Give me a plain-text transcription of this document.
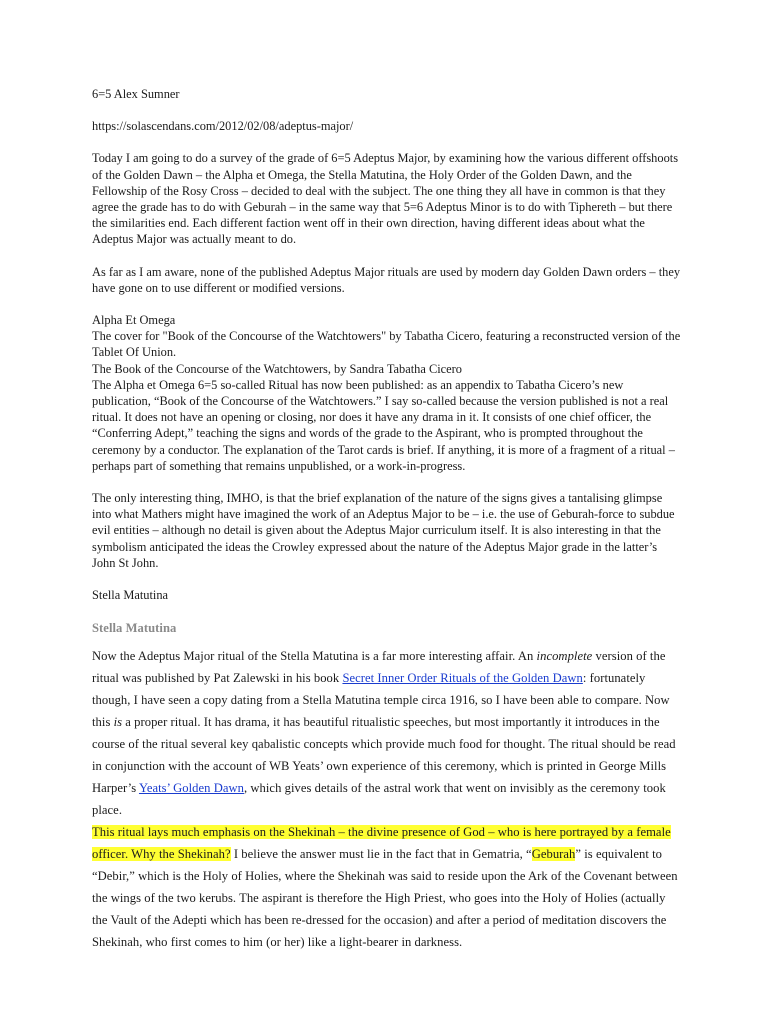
6=5 Alex Sumner

https://solascendans.com/2012/02/08/adeptus-major/

Today I am going to do a survey of the grade of 6=5 Adeptus Major, by examining how the various different offshoots of the Golden Dawn – the Alpha et Omega, the Stella Matutina, the Holy Order of the Golden Dawn, and the Fellowship of the Rosy Cross – decided to deal with the subject. The one thing they all have in common is that they agree the grade has to do with Geburah – in the same way that 5=6 Adeptus Minor is to do with Tiphereth – but there the similarities end. Each different faction went off in their own direction, having different ideas about what the Adeptus Major was actually meant to do.

As far as I am aware, none of the published Adeptus Major rituals are used by modern day Golden Dawn orders – they have gone on to use different or modified versions.

Alpha Et Omega

The cover for "Book of the Concourse of the Watchtowers" by Tabatha Cicero, featuring a reconstructed version of the Tablet Of Union.

The Book of the Concourse of the Watchtowers, by Sandra Tabatha Cicero

The Alpha et Omega 6=5 so-called Ritual has now been published: as an appendix to Tabatha Cicero’s new publication, “Book of the Concourse of the Watchtowers.” I say so-called because the version published is not a real ritual. It does not have an opening or closing, nor does it have any drama in it. It consists of one chief officer, the “Conferring Adept,” teaching the signs and words of the grade to the Aspirant, who is prompted throughout the ceremony by a conductor. The explanation of the Tarot cards is brief. If anything, it is more of a fragment of a ritual – perhaps part of something that remains unpublished, or a work-in-progress.

The only interesting thing, IMHO, is that the brief explanation of the nature of the signs gives a tantalising glimpse into what Mathers might have imagined the work of an Adeptus Major to be – i.e. the use of Geburah-force to subdue evil entities – although no detail is given about the Adeptus Major curriculum itself. It is also interesting in that the symbolism anticipated the ideas the Crowley expressed about the nature of the Adeptus Major grade in the latter’s John St John.

Stella Matutina

Stella Matutina

Now the Adeptus Major ritual of the Stella Matutina is a far more interesting affair. An incomplete version of the ritual was published by Pat Zalewski in his book Secret Inner Order Rituals of the Golden Dawn: fortunately though, I have seen a copy dating from a Stella Matutina temple circa 1916, so I have been able to compare. Now this is a proper ritual. It has drama, it has beautiful ritualistic speeches, but most importantly it introduces in the course of the ritual several key qabalistic concepts which provide much food for thought. The ritual should be read in conjunction with the account of WB Yeats’ own experience of this ceremony, which is printed in George Mills Harper’s Yeats’ Golden Dawn, which gives details of the astral work that went on invisibly as the ceremony took place.

This ritual lays much emphasis on the Shekinah – the divine presence of God – who is here portrayed by a female officer. Why the Shekinah? I believe the answer must lie in the fact that in Gematria, “Geburah” is equivalent to “Debir,” which is the Holy of Holies, where the Shekinah was said to reside upon the Ark of the Covenant between the wings of the two kerubs. The aspirant is therefore the High Priest, who goes into the Holy of Holies (actually the Vault of the Adepti which has been re-dressed for the occasion) and after a period of meditation discovers the Shekinah, who first comes to him (or her) like a light-bearer in darkness.
